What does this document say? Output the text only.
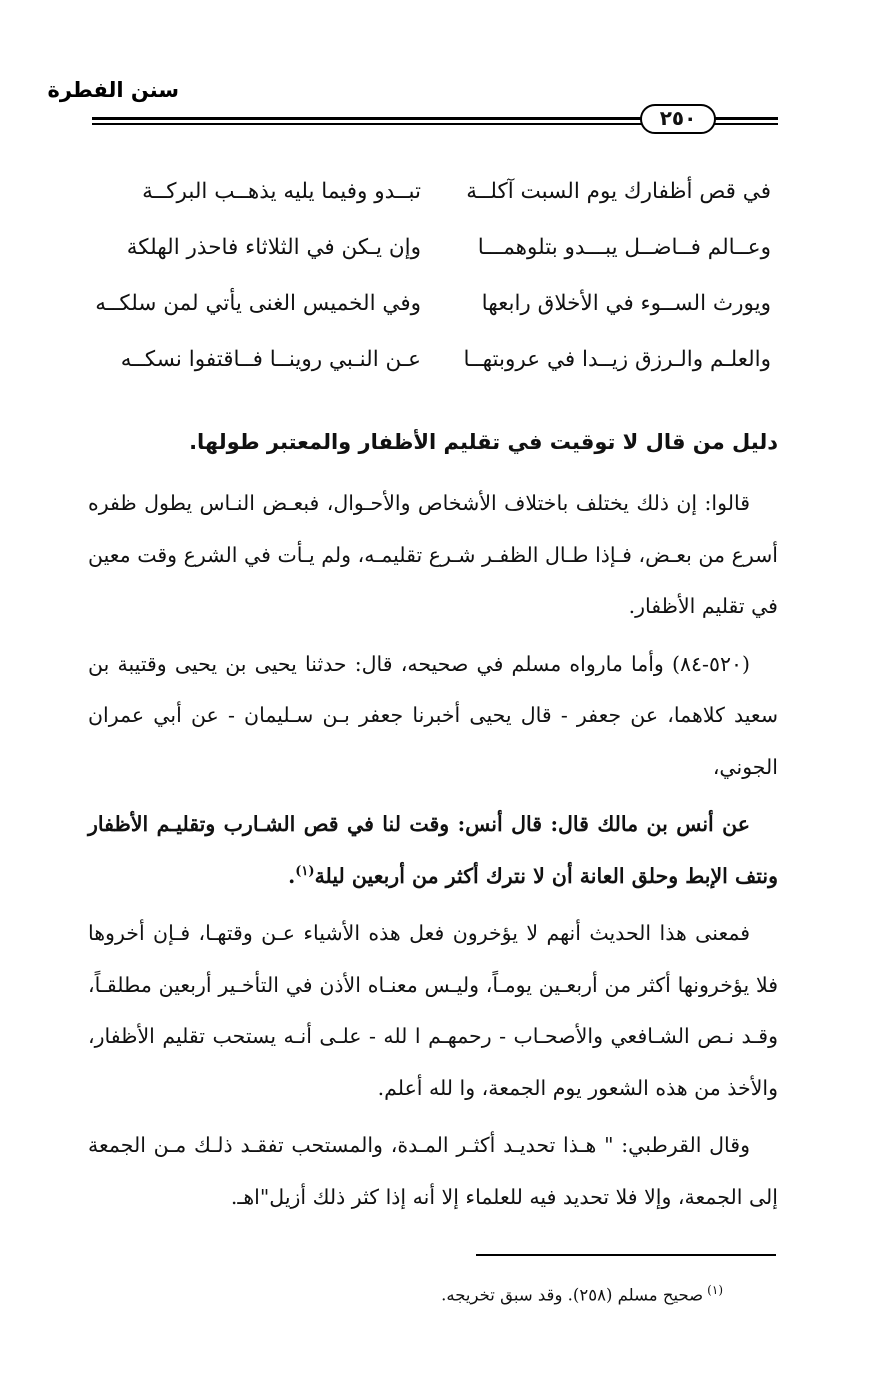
سنن الفطرة
٢٥٠
في قص أظفارك يوم السبت آكلــة
تبــدو وفيما يليه يذهــب البركــة
وعــالم فــاضــل يبـــدو بتلوهمـــا
وإن يـكن في الثلاثاء فاحذر الهلكة
ويورث الســوء في الأخلاق رابعها
وفي الخميس الغنى يأتي لمن سلكــه
والعلـم والـرزق زيــدا في عروبتهــا
عـن النـبي روينــا فــاقتفوا نسكــه
دليل من قال لا توقيت في تقليم الأظفار والمعتبر طولها.

قالوا: إن ذلك يختلف باختلاف الأشخاص والأحـوال، فبعـض النـاس يطول ظفره أسرع من بعـض، فـإذا طـال الظفـر شـرع تقليمـه، ولم يـأت في الشرع وقت معين في تقليم الأظفار.

(٥٢٠-٨٤) وأما مارواه مسلم في صحيحه، قال: حدثنا يحيى بن يحيى وقتيبة بن سعيد كلاهما، عن جعفر - قال يحيى أخبرنا جعفر بـن سـليمان - عن أبي عمران الجوني،

عن أنس بن مالك قال: قال أنس: وقت لنا في قص الشـارب وتقليـم الأظفار ونتف الإبط وحلق العانة أن لا نترك أكثر من أربعين ليلة$^{(١)}$.

فمعنى هذا الحديث أنهم لا يؤخرون فعل هذه الأشياء عـن وقتهـا، فـإن أخروها فلا يؤخرونها أكثر من أربعـين يومـاً، وليـس معنـاه الأذن في التأخـير أربعين مطلقـاً، وقـد نـص الشـافعي والأصحـاب - رحمهـم ا لله - علـى أنـه يستحب تقليم الأظفار، والأخذ من هذه الشعور يوم الجمعة، وا لله أعلم.

وقال القرطبي: " هـذا تحديـد أكثـر المـدة، والمستحب تفقـد ذلـك مـن الجمعة إلى الجمعة، وإلا فلا تحديد فيه للعلماء إلا أنه إذا كثر ذلك أزيل"اهـ.

$^{(١)}$صحيح مسلم (٢٥٨). وقد سبق تخريجه.
